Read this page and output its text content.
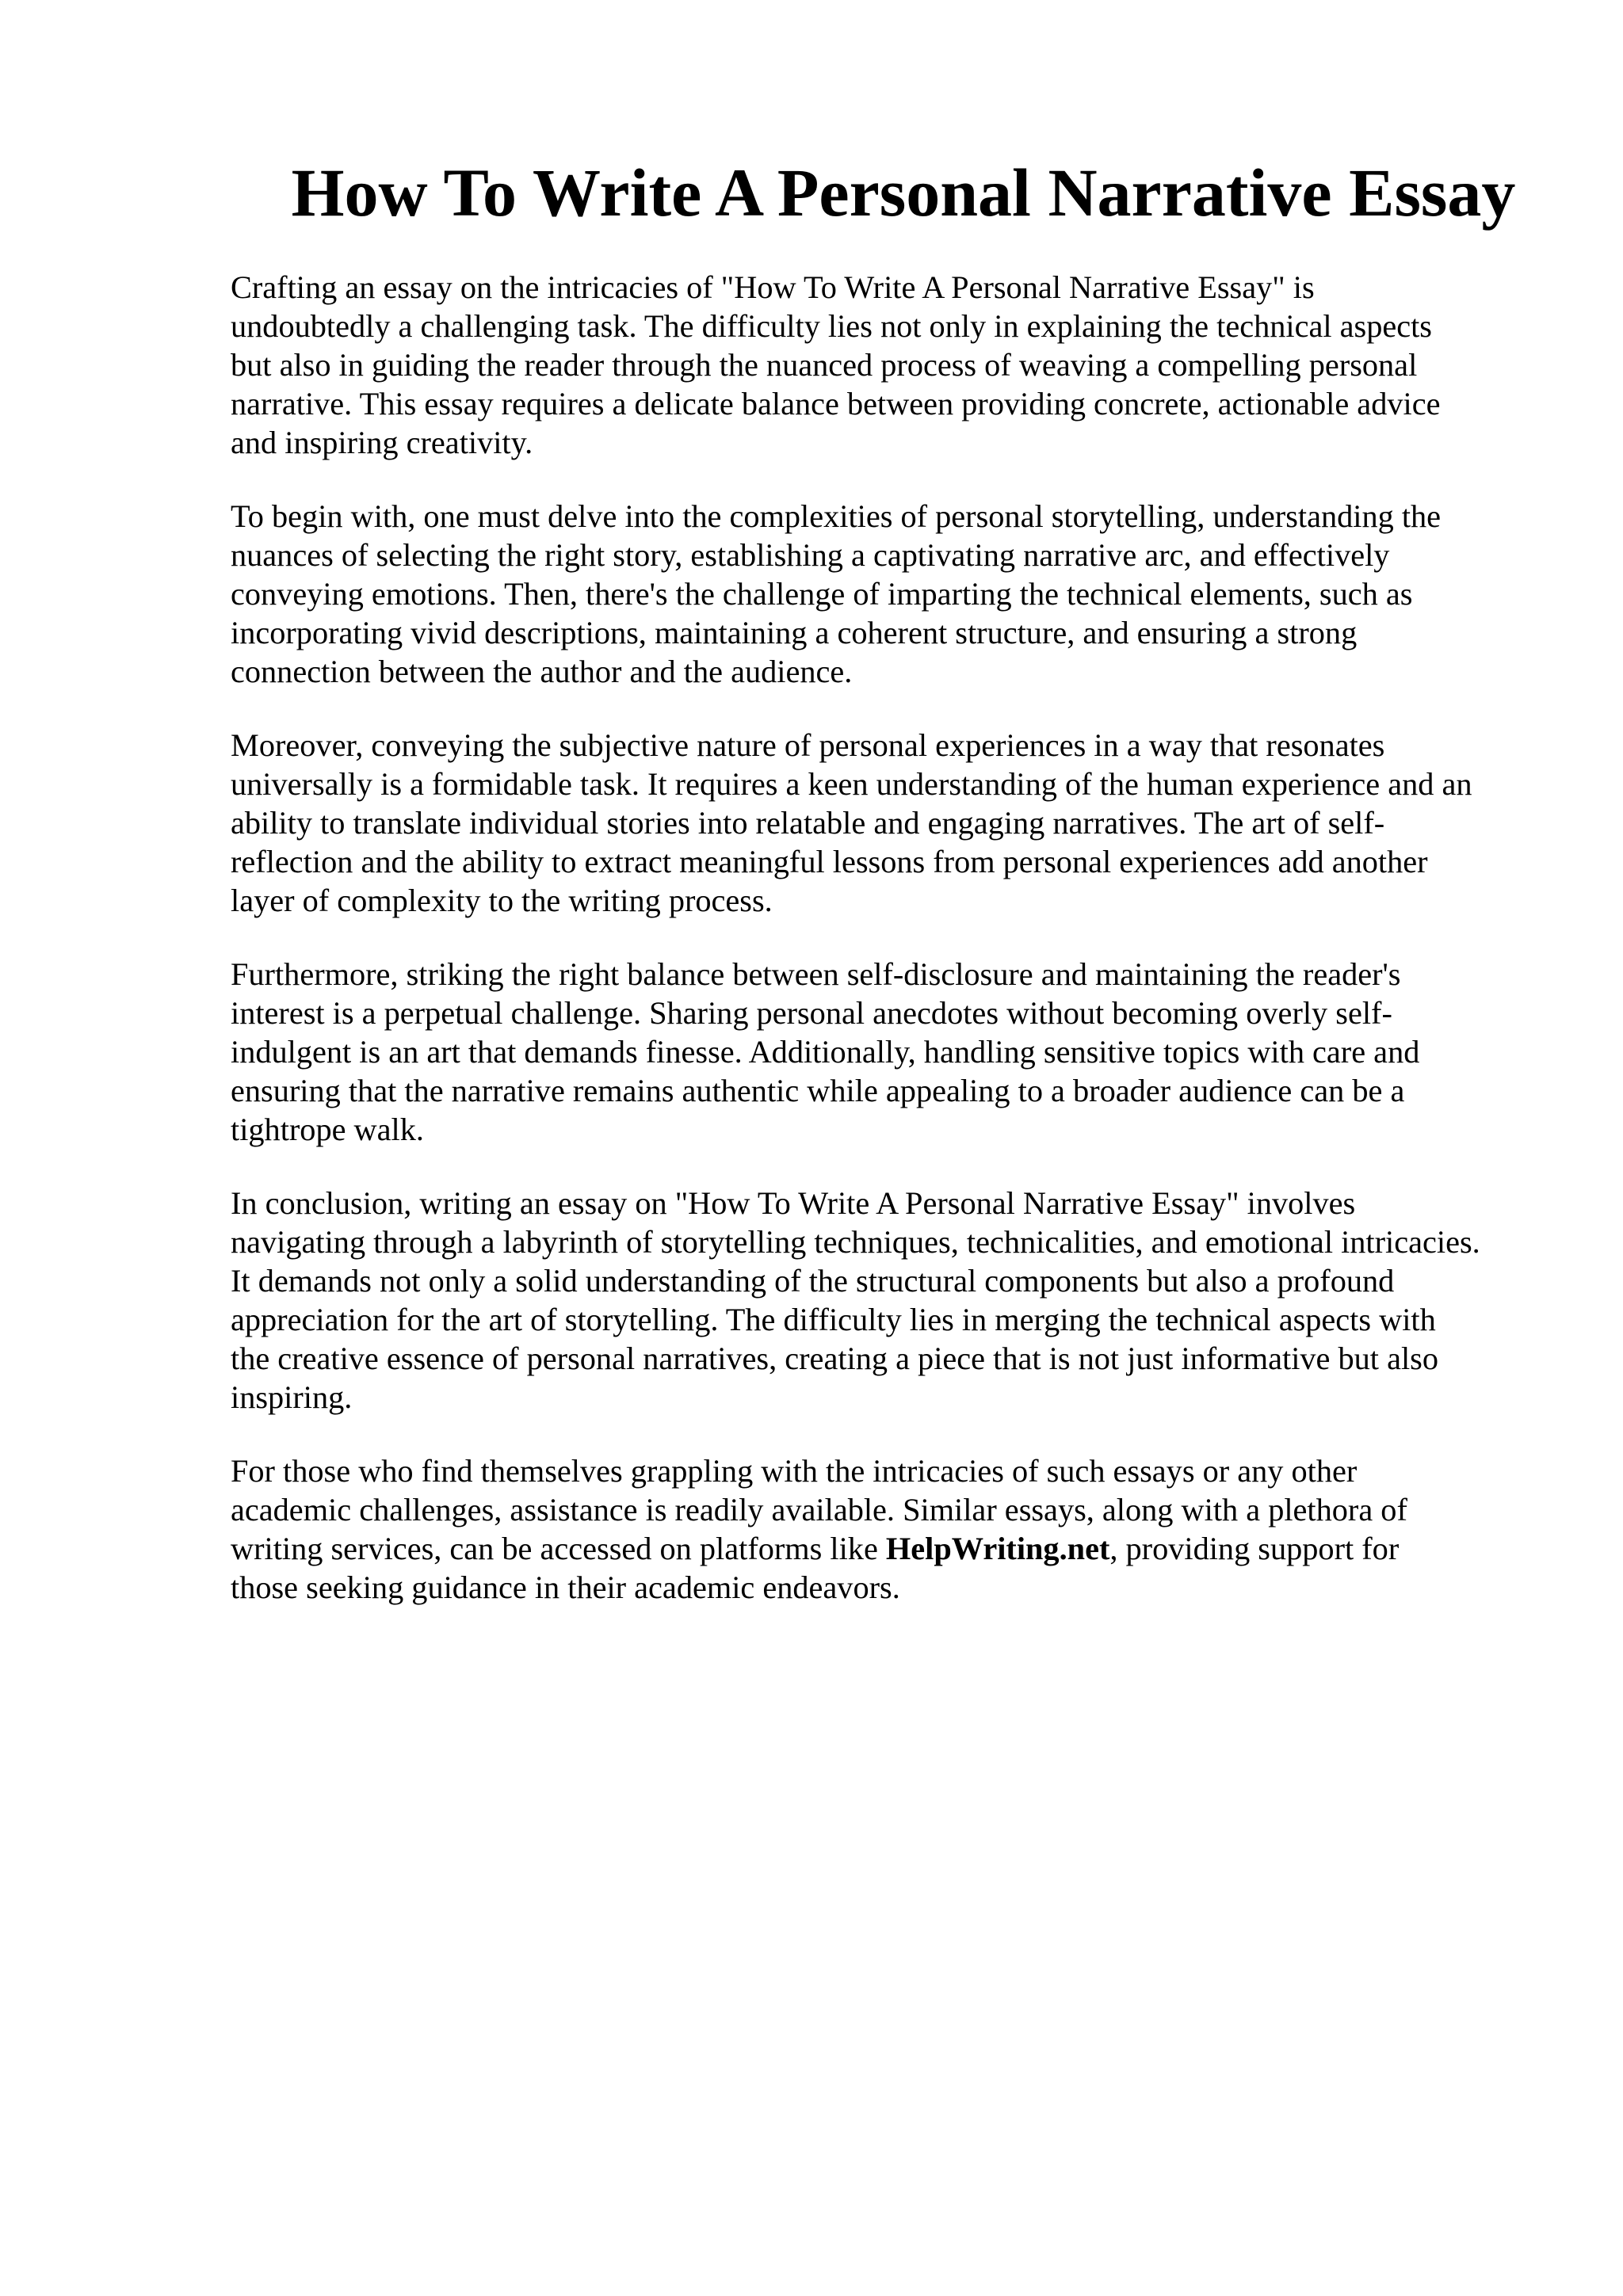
How To Write A Personal Narrative Essay

Crafting an essay on the intricacies of "How To Write A Personal Narrative Essay" is
undoubtedly a challenging task. The difficulty lies not only in explaining the technical aspects
but also in guiding the reader through the nuanced process of weaving a compelling personal
narrative. This essay requires a delicate balance between providing concrete, actionable advice
and inspiring creativity.

To begin with, one must delve into the complexities of personal storytelling, understanding the
nuances of selecting the right story, establishing a captivating narrative arc, and effectively
conveying emotions. Then, there's the challenge of imparting the technical elements, such as
incorporating vivid descriptions, maintaining a coherent structure, and ensuring a strong
connection between the author and the audience.

Moreover, conveying the subjective nature of personal experiences in a way that resonates
universally is a formidable task. It requires a keen understanding of the human experience and an
ability to translate individual stories into relatable and engaging narratives. The art of self-
reflection and the ability to extract meaningful lessons from personal experiences add another
layer of complexity to the writing process.

Furthermore, striking the right balance between self-disclosure and maintaining the reader's
interest is a perpetual challenge. Sharing personal anecdotes without becoming overly self-
indulgent is an art that demands finesse. Additionally, handling sensitive topics with care and
ensuring that the narrative remains authentic while appealing to a broader audience can be a
tightrope walk.

In conclusion, writing an essay on "How To Write A Personal Narrative Essay" involves
navigating through a labyrinth of storytelling techniques, technicalities, and emotional intricacies.
It demands not only a solid understanding of the structural components but also a profound
appreciation for the art of storytelling. The difficulty lies in merging the technical aspects with
the creative essence of personal narratives, creating a piece that is not just informative but also
inspiring.

For those who find themselves grappling with the intricacies of such essays or any other
academic challenges, assistance is readily available. Similar essays, along with a plethora of
writing services, can be accessed on platforms like HelpWriting.net, providing support for
those seeking guidance in their academic endeavors.
